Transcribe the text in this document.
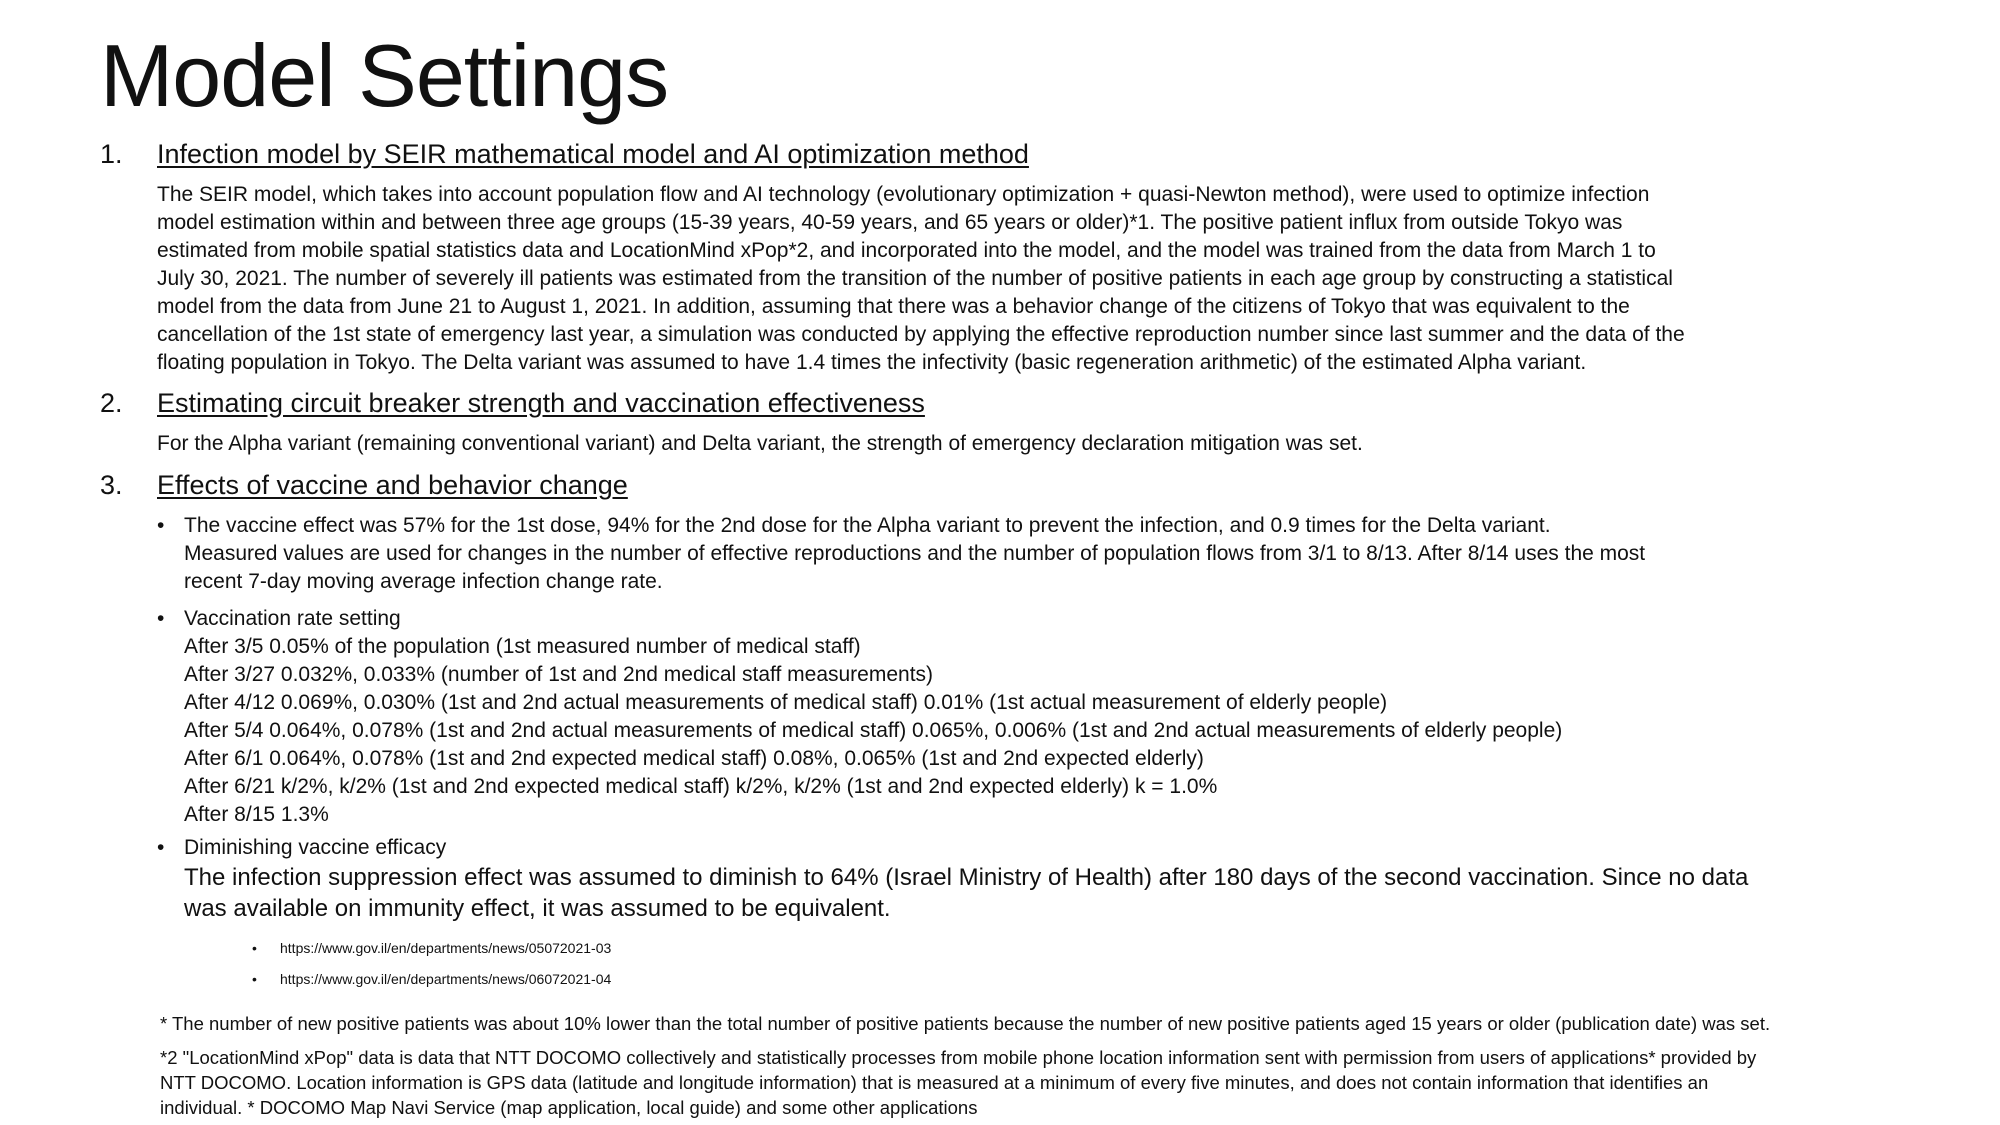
Model Settings
1. Infection model by SEIR mathematical model and AI optimization method
The SEIR model, which takes into account population flow and AI technology (evolutionary optimization + quasi-Newton method), were used to optimize infection
model estimation within and between three age groups (15-39 years, 40-59 years, and 65 years or older)*1. The positive patient influx from outside Tokyo was
estimated from mobile spatial statistics data and LocationMind xPop*2, and incorporated into the model, and the model was trained from the data from March 1 to
July 30, 2021. The number of severely ill patients was estimated from the transition of the number of positive patients in each age group by constructing a statistical
model from the data from June 21 to August 1, 2021. In addition, assuming that there was a behavior change of the citizens of Tokyo that was equivalent to the
cancellation of the 1st state of emergency last year, a simulation was conducted by applying the effective reproduction number since last summer and the data of the
floating population in Tokyo. The Delta variant was assumed to have 1.4 times the infectivity (basic regeneration arithmetic) of the estimated Alpha variant.
2. Estimating circuit breaker strength and vaccination effectiveness
For the Alpha variant (remaining conventional variant) and Delta variant, the strength of emergency declaration mitigation was set.
3. Effects of vaccine and behavior change
• The vaccine effect was 57% for the 1st dose, 94% for the 2nd dose for the Alpha variant to prevent the infection, and 0.9 times for the Delta variant.
Measured values are used for changes in the number of effective reproductions and the number of population flows from 3/1 to 8/13. After 8/14 uses the most
recent 7-day moving average infection change rate.
• Vaccination rate setting
After 3/5 0.05% of the population (1st measured number of medical staff)
After 3/27 0.032%, 0.033% (number of 1st and 2nd medical staff measurements)
After 4/12 0.069%, 0.030% (1st and 2nd actual measurements of medical staff) 0.01% (1st actual measurement of elderly people)
After 5/4 0.064%, 0.078% (1st and 2nd actual measurements of medical staff) 0.065%, 0.006% (1st and 2nd actual measurements of elderly people)
After 6/1 0.064%, 0.078% (1st and 2nd expected medical staff) 0.08%, 0.065% (1st and 2nd expected elderly)
After 6/21 k/2%, k/2% (1st and 2nd expected medical staff) k/2%, k/2% (1st and 2nd expected elderly) k = 1.0%
After 8/15 1.3%
• Diminishing vaccine efficacy
The infection suppression effect was assumed to diminish to 64% (Israel Ministry of Health) after 180 days of the second vaccination. Since no data
was available on immunity effect, it was assumed to be equivalent.
• https://www.gov.il/en/departments/news/05072021-03
• https://www.gov.il/en/departments/news/06072021-04
* The number of new positive patients was about 10% lower than the total number of positive patients because the number of new positive patients aged 15 years or older (publication date) was set.
*2 "LocationMind xPop" data is data that NTT DOCOMO collectively and statistically processes from mobile phone location information sent with permission from users of applications* provided by
NTT DOCOMO. Location information is GPS data (latitude and longitude information) that is measured at a minimum of every five minutes, and does not contain information that identifies an
individual. * DOCOMO Map Navi Service (map application, local guide) and some other applications
